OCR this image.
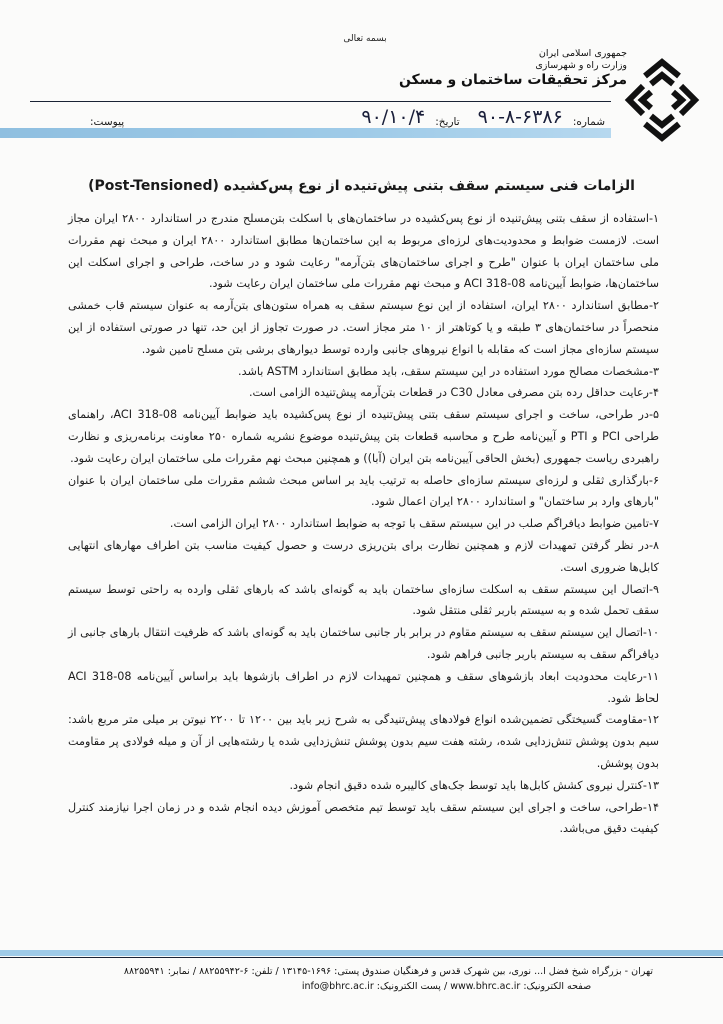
بسمه تعالی
جمهوری اسلامی ایران
وزارت راه و شهرسازی
مرکز تحقیقات ساختمان و مسکن
شماره:
۹۰-۸-۶۳۸۶
تاریخ:
۹۰/۱۰/۴
پیوست:
الزامات فنی سیستم سقف بتنی پیش‌تنیده از نوع پس‌کشیده (Post-Tensioned)

۱-استفاده از سقف بتنی پیش‌تنیده از نوع پس‌کشیده در ساختمان‌های با اسکلت بتن‌مسلح مندرج در استاندارد ۲۸۰۰ ایران مجاز است. لازمست ضوابط و محدودیت‌های لرزه‌ای مربوط به این ساختمان‌ها مطابق استاندارد ۲۸۰۰ ایران و مبحث نهم مقررات ملی ساختمان ایران با عنوان "طرح و اجرای ساختمان‌های بتن‌آرمه" رعایت شود و در ساخت، طراحی و اجرای اسکلت این ساختمان‌ها، ضوابط آیین‌نامه ACI 318-08 و مبحث نهم مقررات ملی ساختمان ایران رعایت شود.

۲-مطابق استاندارد ۲۸۰۰ ایران، استفاده از این نوع سیستم سقف به همراه ستون‌های بتن‌آرمه به عنوان سیستم قاب خمشی منحصراً در ساختمان‌های ۳ طبقه و یا کوتاهتر از ۱۰ متر مجاز است. در صورت تجاوز از این حد، تنها در صورتی استفاده از این سیستم سازه‌ای مجاز است که مقابله با انواع نیروهای جانبی وارده توسط دیوارهای برشی بتن مسلح تامین شود.

۳-مشخصات مصالح مورد استفاده در این سیستم سقف، باید مطابق استاندارد ASTM باشد.

۴-رعایت حداقل رده بتن مصرفی معادل C30 در قطعات بتن‌آرمه پیش‌تنیده الزامی است.

۵-در طراحی، ساخت و اجرای سیستم سقف بتنی پیش‌تنیده از نوع پس‌کشیده باید ضوابط آیین‌نامه ACI 318-08، راهنمای طراحی PCI و PTI و آیین‌نامه طرح و محاسبه قطعات بتن پیش‌تنیده موضوع نشریه شماره ۲۵۰ معاونت برنامه‌ریزی و نظارت راهبردی ریاست جمهوری (بخش الحاقی آیین‌نامه بتن ایران (آبا)) و همچنین مبحث نهم مقررات ملی ساختمان ایران رعایت شود.

۶-بارگذاری ثقلی و لرزه‌ای سیستم سازه‌ای حاصله به ترتیب باید بر اساس مبحث ششم مقررات ملی ساختمان ایران با عنوان "بارهای وارد بر ساختمان" و استاندارد ۲۸۰۰ ایران اعمال شود.

۷-تامین ضوابط دیافراگم صلب در این سیستم سقف با توجه به ضوابط استاندارد ۲۸۰۰ ایران الزامی است.

۸-در نظر گرفتن تمهیدات لازم و همچنین نظارت برای بتن‌ریزی درست و حصول کیفیت مناسب بتن اطراف مهارهای انتهایی کابل‌ها ضروری است.

۹-اتصال این سیستم سقف به اسکلت سازه‌ای ساختمان باید به گونه‌ای باشد که بارهای ثقلی وارده به راحتی توسط سیستم سقف تحمل شده و به سیستم باربر ثقلی منتقل شود.

۱۰-اتصال این سیستم سقف به سیستم مقاوم در برابر بار جانبی ساختمان باید به گونه‌ای باشد که ظرفیت انتقال بارهای جانبی از دیافراگم سقف به سیستم باربر جانبی فراهم شود.

۱۱-رعایت محدودیت ابعاد بازشوهای سقف و همچنین تمهیدات لازم در اطراف بازشوها باید براساس آیین‌نامه ACI 318-08 لحاظ شود.

۱۲-مقاومت گسیختگی تضمین‌شده انواع فولادهای پیش‌تنیدگی به شرح زیر باید بین ۱۲۰۰ تا ۲۲۰۰ نیوتن بر میلی متر مربع باشد: سیم بدون پوشش تنش‌زدایی شده، رشته هفت سیم بدون پوشش تنش‌زدایی شده یا رشته‌هایی از آن و میله فولادی پر مقاومت بدون پوشش.

۱۳-کنترل نیروی کشش کابل‌ها باید توسط جک‌های کالیبره شده دقیق انجام شود.

۱۴-طراحی، ساخت و اجرای این سیستم سقف باید توسط تیم متخصص آموزش دیده انجام شده و در زمان اجرا نیازمند کنترل کیفیت دقیق می‌باشد.

تهران - بزرگراه شیخ فضل ا... نوری، بین شهرک قدس و فرهنگیان صندوق پستی: ۱۶۹۶-۱۳۱۴۵ / تلفن: ۶-۸۸۲۵۵۹۴۲ / نمابر: ۸۸۲۵۵۹۴۱
صفحه الکترونیک: www.bhrc.ac.ir / پست الکترونیک: info@bhrc.ac.ir
